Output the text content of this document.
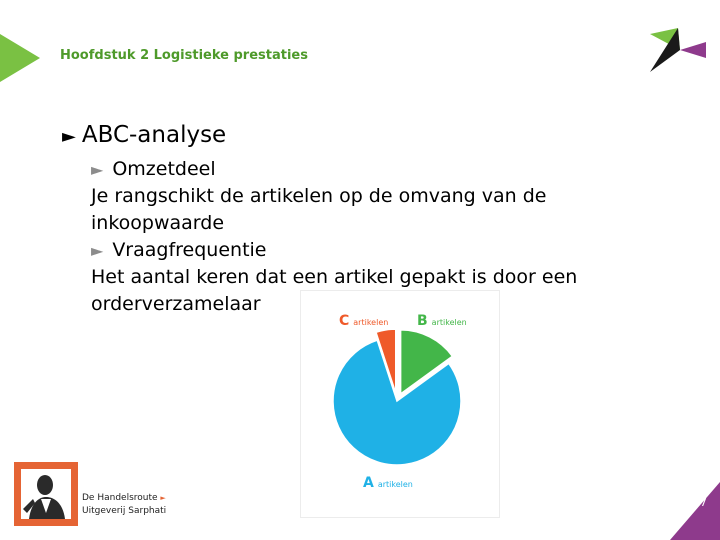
Hoofdstuk 2 Logistieke prestaties
► ABC-analyse
► Omzetdeel
Je rangschikt de artikelen op de omvang van de
inkoopwaarde
► Vraagfrequentie
Het aantal keren dat een artikel gepakt is door een
orderverzamelaar
Aartikelen
Bartikelen
Cartikelen
De Handelsroute ►
Uitgeverij Sarphati
7
